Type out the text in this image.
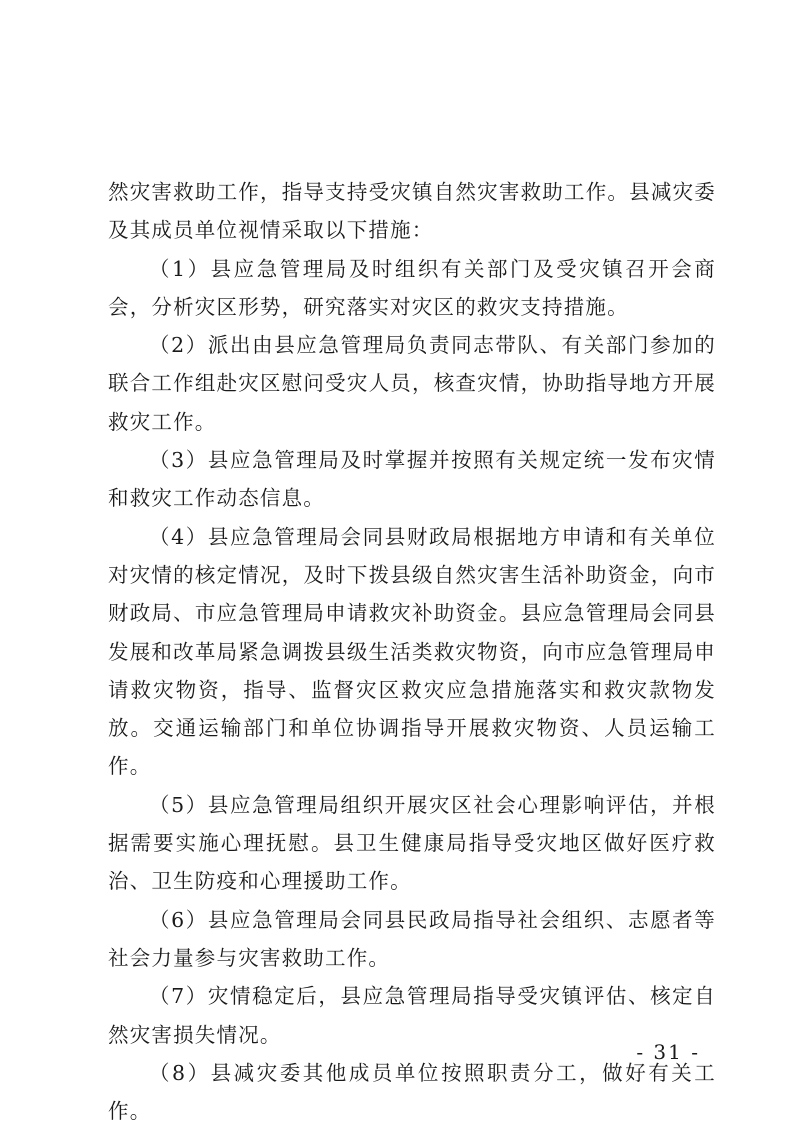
然灾害救助工作，指导支持受灾镇自然灾害救助工作。县减灾委及其成员单位视情采取以下措施：

（1）县应急管理局及时组织有关部门及受灾镇召开会商会，分析灾区形势，研究落实对灾区的救灾支持措施。

（2）派出由县应急管理局负责同志带队、有关部门参加的联合工作组赴灾区慰问受灾人员，核查灾情，协助指导地方开展救灾工作。

（3）县应急管理局及时掌握并按照有关规定统一发布灾情和救灾工作动态信息。

（4）县应急管理局会同县财政局根据地方申请和有关单位对灾情的核定情况，及时下拨县级自然灾害生活补助资金，向市财政局、市应急管理局申请救灾补助资金。县应急管理局会同县发展和改革局紧急调拨县级生活类救灾物资，向市应急管理局申请救灾物资，指导、监督灾区救灾应急措施落实和救灾款物发放。交通运输部门和单位协调指导开展救灾物资、人员运输工作。

（5）县应急管理局组织开展灾区社会心理影响评估，并根据需要实施心理抚慰。县卫生健康局指导受灾地区做好医疗救治、卫生防疫和心理援助工作。

（6）县应急管理局会同县民政局指导社会组织、志愿者等社会力量参与灾害救助工作。

（7）灾情稳定后，县应急管理局指导受灾镇评估、核定自然灾害损失情况。

（8）县减灾委其他成员单位按照职责分工，做好有关工作。

- 31 -
